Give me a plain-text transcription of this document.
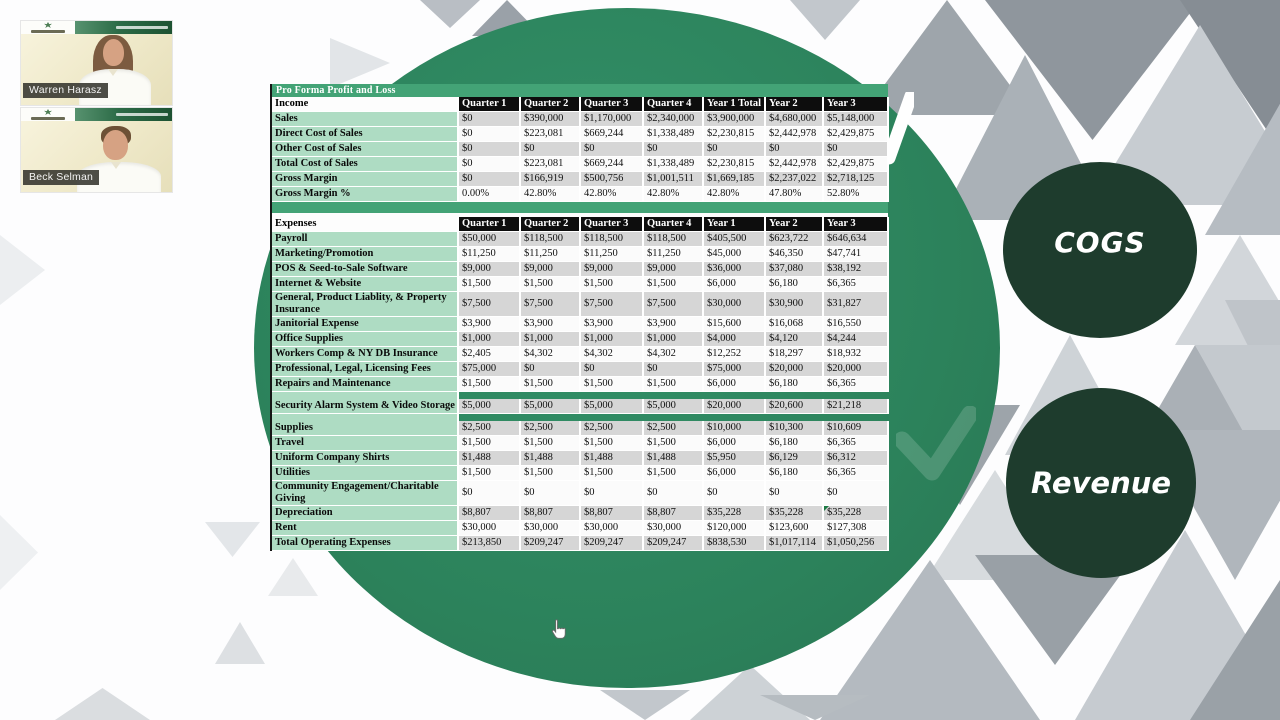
COGS
Revenue
Pro Forma Profit and Loss
Income	Quarter 1	Quarter 2	Quarter 3	Quarter 4	Year 1 Total	Year 2	Year 3
Sales	$0	$390,000	$1,170,000	$2,340,000	$3,900,000	$4,680,000	$5,148,000
Direct Cost of Sales	$0	$223,081	$669,244	$1,338,489	$2,230,815	$2,442,978	$2,429,875
Other Cost of Sales	$0	$0	$0	$0	$0	$0	$0
Total Cost of Sales	$0	$223,081	$669,244	$1,338,489	$2,230,815	$2,442,978	$2,429,875
Gross Margin	$0	$166,919	$500,756	$1,001,511	$1,669,185	$2,237,022	$2,718,125
Gross Margin %	0.00%	42.80%	42.80%	42.80%	42.80%	47.80%	52.80%
Expenses	Quarter 1	Quarter 2	Quarter 3	Quarter 4	Year 1	Year 2	Year 3
Payroll	$50,000	$118,500	$118,500	$118,500	$405,500	$623,722	$646,634
Marketing/Promotion	$11,250	$11,250	$11,250	$11,250	$45,000	$46,350	$47,741
POS & Seed-to-Sale Software	$9,000	$9,000	$9,000	$9,000	$36,000	$37,080	$38,192
Internet & Website	$1,500	$1,500	$1,500	$1,500	$6,000	$6,180	$6,365
General, Product Liablity, & Property Insurance	$7,500	$7,500	$7,500	$7,500	$30,000	$30,900	$31,827
Janitorial Expense	$3,900	$3,900	$3,900	$3,900	$15,600	$16,068	$16,550
Office Supplies	$1,000	$1,000	$1,000	$1,000	$4,000	$4,120	$4,244
Workers Comp & NY DB Insurance	$2,405	$4,302	$4,302	$4,302	$12,252	$18,297	$18,932
Professional, Legal, Licensing Fees	$75,000	$0	$0	$0	$75,000	$20,000	$20,000
Repairs and Maintenance	$1,500	$1,500	$1,500	$1,500	$6,000	$6,180	$6,365

Security Alarm System & Video Storage	$5,000	$5,000	$5,000	$5,000	$20,000	$20,600	$21,218

Supplies	$2,500	$2,500	$2,500	$2,500	$10,000	$10,300	$10,609
Travel	$1,500	$1,500	$1,500	$1,500	$6,000	$6,180	$6,365
Uniform Company Shirts	$1,488	$1,488	$1,488	$1,488	$5,950	$6,129	$6,312
Utilities	$1,500	$1,500	$1,500	$1,500	$6,000	$6,180	$6,365
Community Engagement/Charitable Giving	$0	$0	$0	$0	$0	$0	$0
Depreciation	$8,807	$8,807	$8,807	$8,807	$35,228	$35,228	$35,228
Rent	$30,000	$30,000	$30,000	$30,000	$120,000	$123,600	$127,308
Total Operating Expenses	$213,850	$209,247	$209,247	$209,247	$838,530	$1,017,114	$1,050,256
Warren Harasz
Beck Selman
